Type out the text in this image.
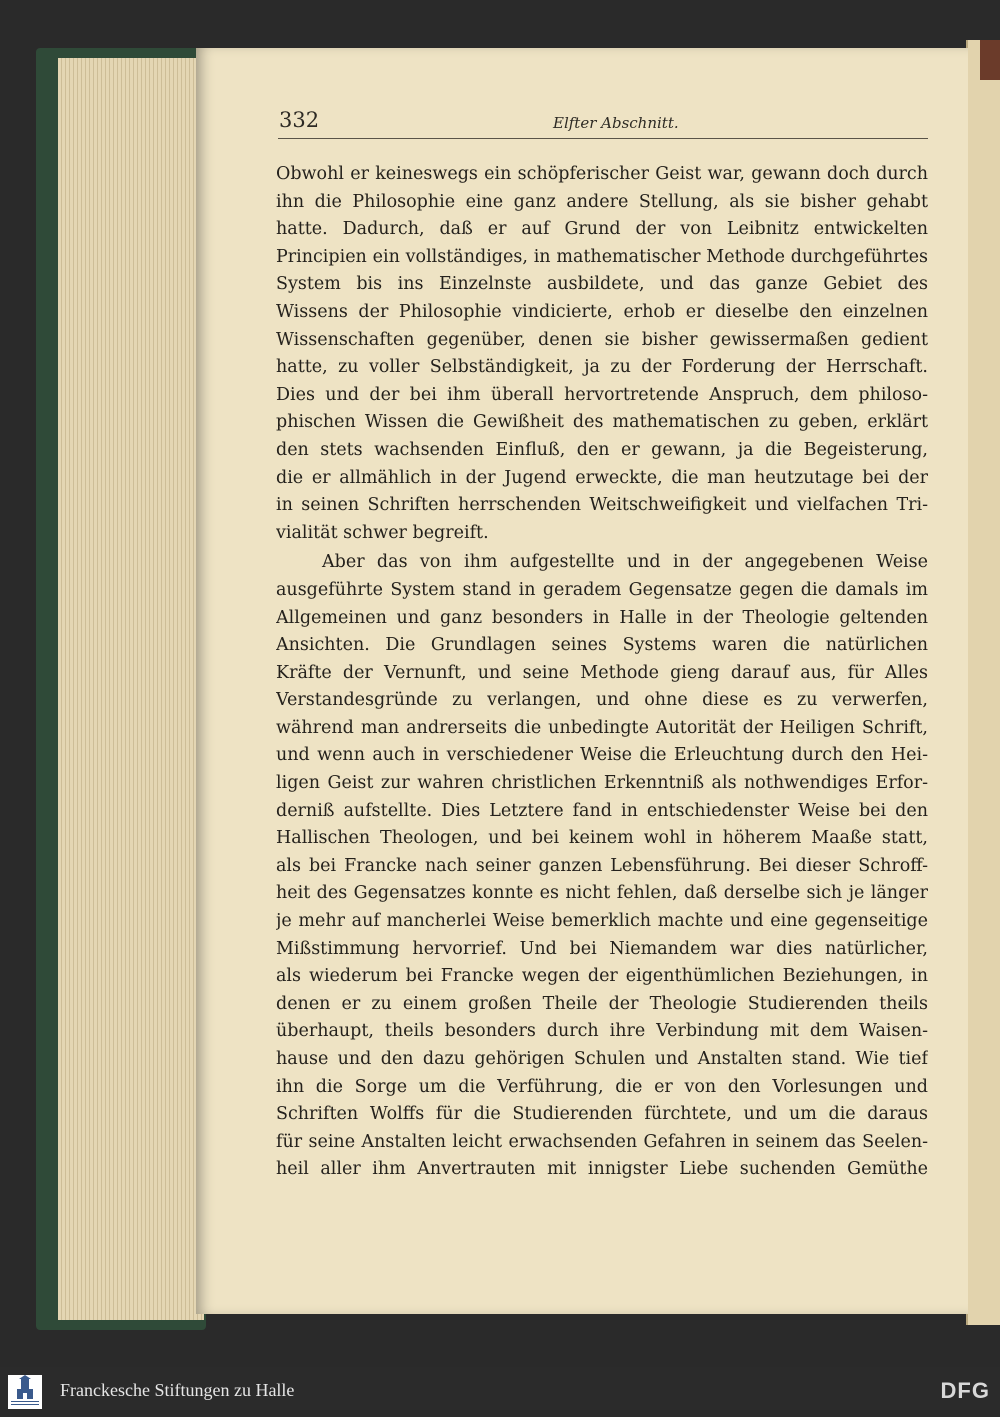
332	Elfter Abschnitt.
Obwohl er keineswegs ein schöpferischer Geist war, gewann doch durch
ihn die Philosophie eine ganz andere Stellung, als sie bisher gehabt
hatte. Dadurch, daß er auf Grund der von Leibnitz entwickelten
Principien ein vollständiges, in mathematischer Methode durchgeführtes
System bis ins Einzelnste ausbildete, und das ganze Gebiet des
Wissens der Philosophie vindicierte, erhob er dieselbe den einzelnen
Wissenschaften gegenüber, denen sie bisher gewissermaßen gedient
hatte, zu voller Selbständigkeit, ja zu der Forderung der Herrschaft.
Dies und der bei ihm überall hervortretende Anspruch, dem philoso-
phischen Wissen die Gewißheit des mathematischen zu geben, erklärt
den stets wachsenden Einfluß, den er gewann, ja die Begeisterung,
die er allmählich in der Jugend erweckte, die man heutzutage bei der
in seinen Schriften herrschenden Weitschweifigkeit und vielfachen Tri-
vialität schwer begreift.
Aber das von ihm aufgestellte und in der angegebenen Weise
ausgeführte System stand in geradem Gegensatze gegen die damals im
Allgemeinen und ganz besonders in Halle in der Theologie geltenden
Ansichten. Die Grundlagen seines Systems waren die natürlichen
Kräfte der Vernunft, und seine Methode gieng darauf aus, für Alles
Verstandesgründe zu verlangen, und ohne diese es zu verwerfen,
während man andrerseits die unbedingte Autorität der Heiligen Schrift,
und wenn auch in verschiedener Weise die Erleuchtung durch den Hei-
ligen Geist zur wahren christlichen Erkenntniß als nothwendiges Erfor-
derniß aufstellte. Dies Letztere fand in entschiedenster Weise bei den
Hallischen Theologen, und bei keinem wohl in höherem Maaße statt,
als bei Francke nach seiner ganzen Lebensführung. Bei dieser Schroff-
heit des Gegensatzes konnte es nicht fehlen, daß derselbe sich je länger
je mehr auf mancherlei Weise bemerklich machte und eine gegenseitige
Mißstimmung hervorrief. Und bei Niemandem war dies natürlicher,
als wiederum bei Francke wegen der eigenthümlichen Beziehungen, in
denen er zu einem großen Theile der Theologie Studierenden theils
überhaupt, theils besonders durch ihre Verbindung mit dem Waisen-
hause und den dazu gehörigen Schulen und Anstalten stand. Wie tief
ihn die Sorge um die Verführung, die er von den Vorlesungen und
Schriften Wolffs für die Studierenden fürchtete, und um die daraus
für seine Anstalten leicht erwachsenden Gefahren in seinem das Seelen-
heil aller ihm Anvertrauten mit innigster Liebe suchenden Gemüthe
Franckesche Stiftungen zu Halle	DFG
